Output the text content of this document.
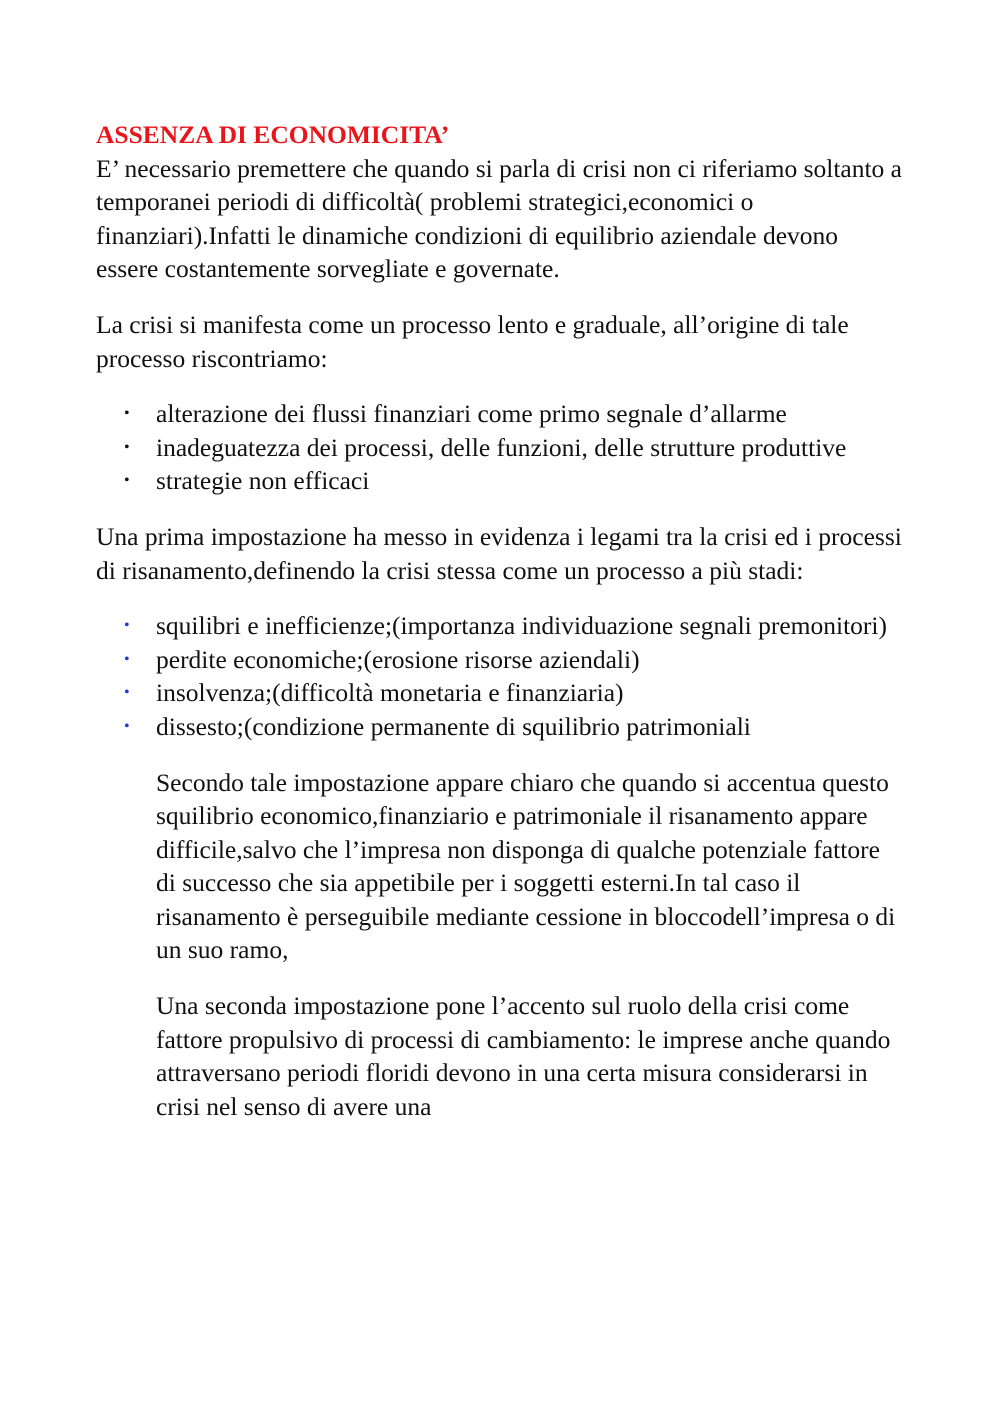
ASSENZA DI ECONOMICITA’

E’ necessario premettere che quando si parla di crisi non ci riferiamo soltanto a temporanei periodi di difficoltà( problemi strategici,economici o finanziari).Infatti le dinamiche condizioni di equilibrio aziendale devono essere costantemente sorvegliate e governate.

La crisi si manifesta come un processo lento e graduale, all’origine di tale processo riscontriamo:

• alterazione dei flussi finanziari come primo segnale d’allarme
• inadeguatezza dei processi, delle funzioni, delle strutture produttive
• strategie non efficaci

Una prima impostazione ha messo in evidenza i legami tra la crisi ed i processi di risanamento,definendo la crisi stessa come un processo a più stadi:

• squilibri e inefficienze;(importanza individuazione segnali premonitori)
• perdite economiche;(erosione risorse aziendali)
• insolvenza;(difficoltà monetaria e finanziaria)
• dissesto;(condizione permanente di squilibrio patrimoniali

Secondo tale impostazione appare chiaro che quando si accentua questo squilibrio economico,finanziario e patrimoniale il risanamento appare difficile,salvo che l’impresa non disponga di qualche potenziale fattore di successo che sia appetibile per i soggetti esterni.In tal caso il risanamento è perseguibile mediante cessione in bloccodell’impresa o di un suo ramo,

Una seconda impostazione pone l’accento sul ruolo della crisi come fattore propulsivo di processi di cambiamento: le imprese anche quando attraversano periodi floridi devono in una certa misura considerarsi in crisi nel senso di avere una
